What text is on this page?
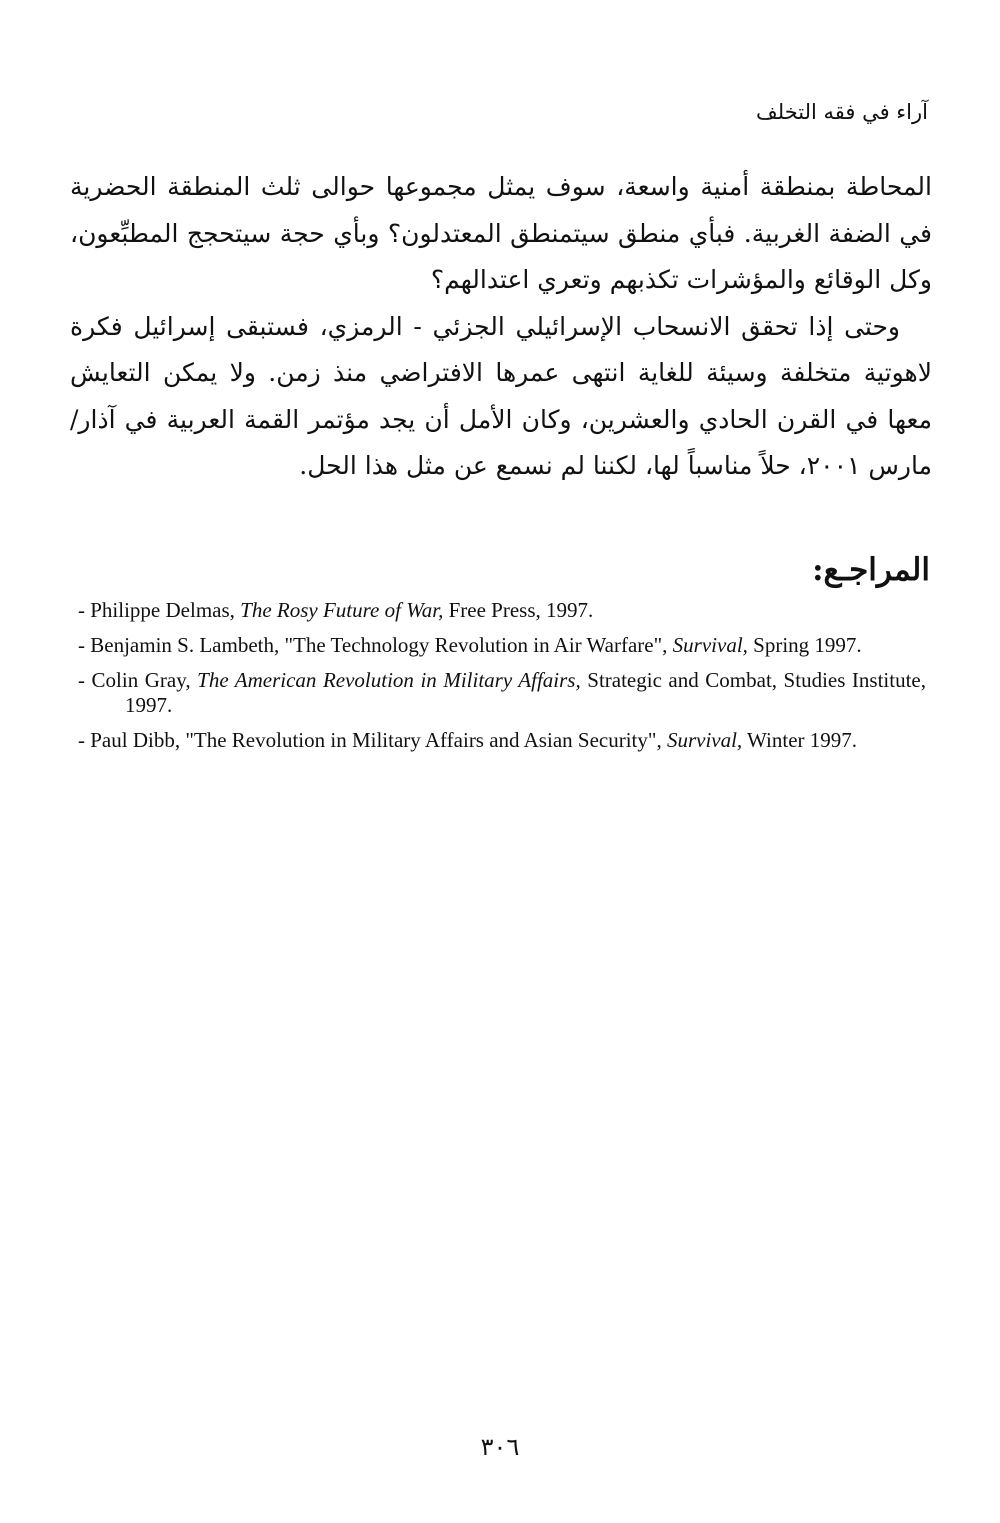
آراء في فقه التخلف

المحاطة بمنطقة أمنية واسعة، سوف يمثل مجموعها حوالى ثلث المنطقة الحضرية في الضفة الغربية. فبأي منطق سيتمنطق المعتدلون؟ وبأي حجة سيتحجج المطبِّعون، وكل الوقائع والمؤشرات تكذبهم وتعري اعتدالهم؟

وحتى إذا تحقق الانسحاب الإسرائيلي الجزئي - الرمزي، فستبقى إسرائيل فكرة لاهوتية متخلفة وسيئة للغاية انتهى عمرها الافتراضي منذ زمن. ولا يمكن التعايش معها في القرن الحادي والعشرين، وكان الأمل أن يجد مؤتمر القمة العربية في آذار/مارس ٢٠٠١، حلاً مناسباً لها، لكننا لم نسمع عن مثل هذا الحل.

المراجـع:
- Philippe Delmas, The Rosy Future of War, Free Press, 1997.
- Benjamin S. Lambeth, "The Technology Revolution in Air Warfare", Survival, Spring 1997.
- Colin Gray, The American Revolution in Military Affairs, Strategic and Combat, Studies Institute, 1997.
- Paul Dibb, "The Revolution in Military Affairs and Asian Security", Survival, Winter 1997.
٣٠٦
